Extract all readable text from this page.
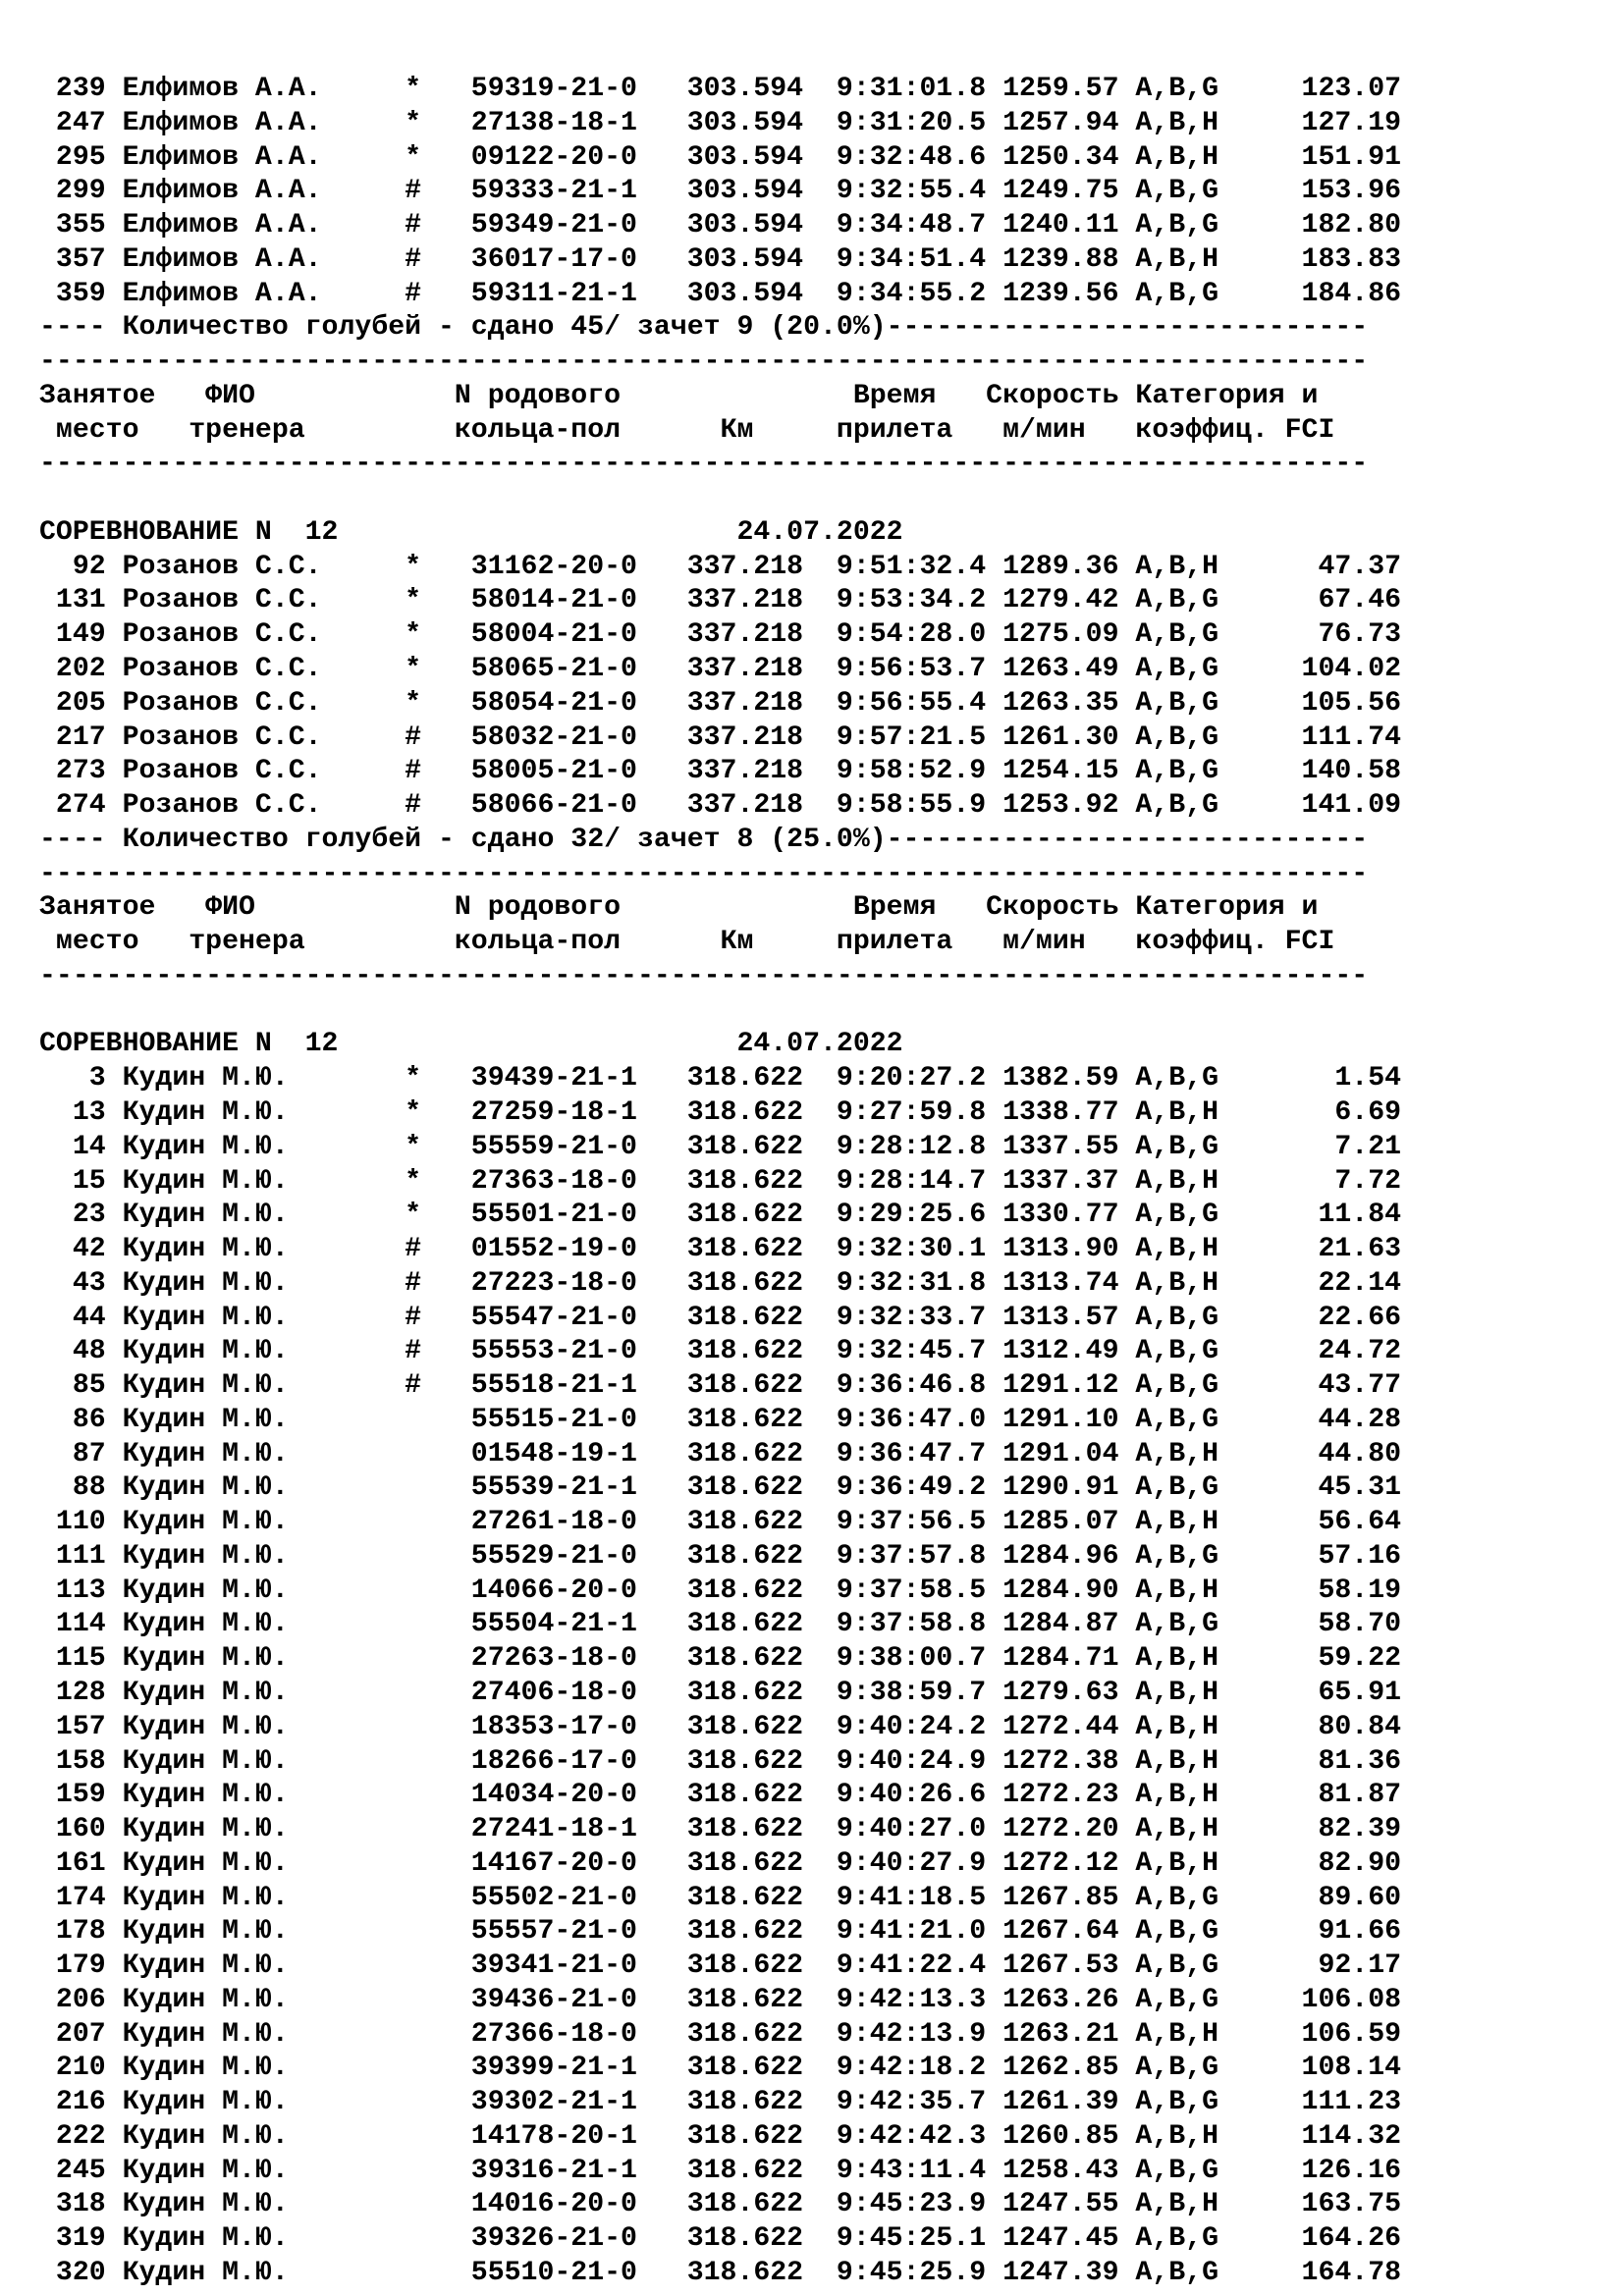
239 Елфимов А.А.     *   59319-21-0   303.594  9:31:01.8 1259.57 A,B,G     123.07
247 Елфимов А.А.     *   27138-18-1   303.594  9:31:20.5 1257.94 A,B,H     127.19
295 Елфимов А.А.     *   09122-20-0   303.594  9:32:48.6 1250.34 A,B,H     151.91
299 Елфимов А.А.     #   59333-21-1   303.594  9:32:55.4 1249.75 A,B,G     153.96
355 Елфимов А.А.     #   59349-21-0   303.594  9:34:48.7 1240.11 A,B,G     182.80
357 Елфимов А.А.     #   36017-17-0   303.594  9:34:51.4 1239.88 A,B,H     183.83
359 Елфимов А.А.     #   59311-21-1   303.594  9:34:55.2 1239.56 A,B,G     184.86
---- Количество голубей - сдано 45/ зачет 9 (20.0%)-----------------------------
--------------------------------------------------------------------------------
Занятое   ФИО            N родового              Время   Скорость Категория и
место   тренера         кольца-пол      Км     прилета   м/мин   коэффиц. FCI
--------------------------------------------------------------------------------
СОРЕВНОВАНИЕ N  12                        24.07.2022
92 Розанов С.С.     *   31162-20-0   337.218  9:51:32.4 1289.36 A,B,H      47.37
131 Розанов С.С.     *   58014-21-0   337.218  9:53:34.2 1279.42 A,B,G      67.46
149 Розанов С.С.     *   58004-21-0   337.218  9:54:28.0 1275.09 A,B,G      76.73
202 Розанов С.С.     *   58065-21-0   337.218  9:56:53.7 1263.49 A,B,G     104.02
205 Розанов С.С.     *   58054-21-0   337.218  9:56:55.4 1263.35 A,B,G     105.56
217 Розанов С.С.     #   58032-21-0   337.218  9:57:21.5 1261.30 A,B,G     111.74
273 Розанов С.С.     #   58005-21-0   337.218  9:58:52.9 1254.15 A,B,G     140.58
274 Розанов С.С.     #   58066-21-0   337.218  9:58:55.9 1253.92 A,B,G     141.09
---- Количество голубей - сдано 32/ зачет 8 (25.0%)-----------------------------
--------------------------------------------------------------------------------
Занятое   ФИО            N родового              Время   Скорость Категория и
место   тренера         кольца-пол      Км     прилета   м/мин   коэффиц. FCI
--------------------------------------------------------------------------------
СОРЕВНОВАНИЕ N  12                        24.07.2022
3 Кудин М.Ю.       *   39439-21-1   318.622  9:20:27.2 1382.59 A,B,G       1.54
13 Кудин М.Ю.       *   27259-18-1   318.622  9:27:59.8 1338.77 A,B,H       6.69
14 Кудин М.Ю.       *   55559-21-0   318.622  9:28:12.8 1337.55 A,B,G       7.21
15 Кудин М.Ю.       *   27363-18-0   318.622  9:28:14.7 1337.37 A,B,H       7.72
23 Кудин М.Ю.       *   55501-21-0   318.622  9:29:25.6 1330.77 A,B,G      11.84
42 Кудин М.Ю.       #   01552-19-0   318.622  9:32:30.1 1313.90 A,B,H      21.63
43 Кудин М.Ю.       #   27223-18-0   318.622  9:32:31.8 1313.74 A,B,H      22.14
44 Кудин М.Ю.       #   55547-21-0   318.622  9:32:33.7 1313.57 A,B,G      22.66
48 Кудин М.Ю.       #   55553-21-0   318.622  9:32:45.7 1312.49 A,B,G      24.72
85 Кудин М.Ю.       #   55518-21-1   318.622  9:36:46.8 1291.12 A,B,G      43.77
86 Кудин М.Ю.           55515-21-0   318.622  9:36:47.0 1291.10 A,B,G      44.28
87 Кудин М.Ю.           01548-19-1   318.622  9:36:47.7 1291.04 A,B,H      44.80
88 Кудин М.Ю.           55539-21-1   318.622  9:36:49.2 1290.91 A,B,G      45.31
110 Кудин М.Ю.           27261-18-0   318.622  9:37:56.5 1285.07 A,B,H      56.64
111 Кудин М.Ю.           55529-21-0   318.622  9:37:57.8 1284.96 A,B,G      57.16
113 Кудин М.Ю.           14066-20-0   318.622  9:37:58.5 1284.90 A,B,H      58.19
114 Кудин М.Ю.           55504-21-1   318.622  9:37:58.8 1284.87 A,B,G      58.70
115 Кудин М.Ю.           27263-18-0   318.622  9:38:00.7 1284.71 A,B,H      59.22
128 Кудин М.Ю.           27406-18-0   318.622  9:38:59.7 1279.63 A,B,H      65.91
157 Кудин М.Ю.           18353-17-0   318.622  9:40:24.2 1272.44 A,B,H      80.84
158 Кудин М.Ю.           18266-17-0   318.622  9:40:24.9 1272.38 A,B,H      81.36
159 Кудин М.Ю.           14034-20-0   318.622  9:40:26.6 1272.23 A,B,H      81.87
160 Кудин М.Ю.           27241-18-1   318.622  9:40:27.0 1272.20 A,B,H      82.39
161 Кудин М.Ю.           14167-20-0   318.622  9:40:27.9 1272.12 A,B,H      82.90
174 Кудин М.Ю.           55502-21-0   318.622  9:41:18.5 1267.85 A,B,G      89.60
178 Кудин М.Ю.           55557-21-0   318.622  9:41:21.0 1267.64 A,B,G      91.66
179 Кудин М.Ю.           39341-21-0   318.622  9:41:22.4 1267.53 A,B,G      92.17
206 Кудин М.Ю.           39436-21-0   318.622  9:42:13.3 1263.26 A,B,G     106.08
207 Кудин М.Ю.           27366-18-0   318.622  9:42:13.9 1263.21 A,B,H     106.59
210 Кудин М.Ю.           39399-21-1   318.622  9:42:18.2 1262.85 A,B,G     108.14
216 Кудин М.Ю.           39302-21-1   318.622  9:42:35.7 1261.39 A,B,G     111.23
222 Кудин М.Ю.           14178-20-1   318.622  9:42:42.3 1260.85 A,B,H     114.32
245 Кудин М.Ю.           39316-21-1   318.622  9:43:11.4 1258.43 A,B,G     126.16
318 Кудин М.Ю.           14016-20-0   318.622  9:45:23.9 1247.55 A,B,H     163.75
319 Кудин М.Ю.           39326-21-0   318.622  9:45:25.1 1247.45 A,B,G     164.26
320 Кудин М.Ю.           55510-21-0   318.622  9:45:25.9 1247.39 A,B,G     164.78
